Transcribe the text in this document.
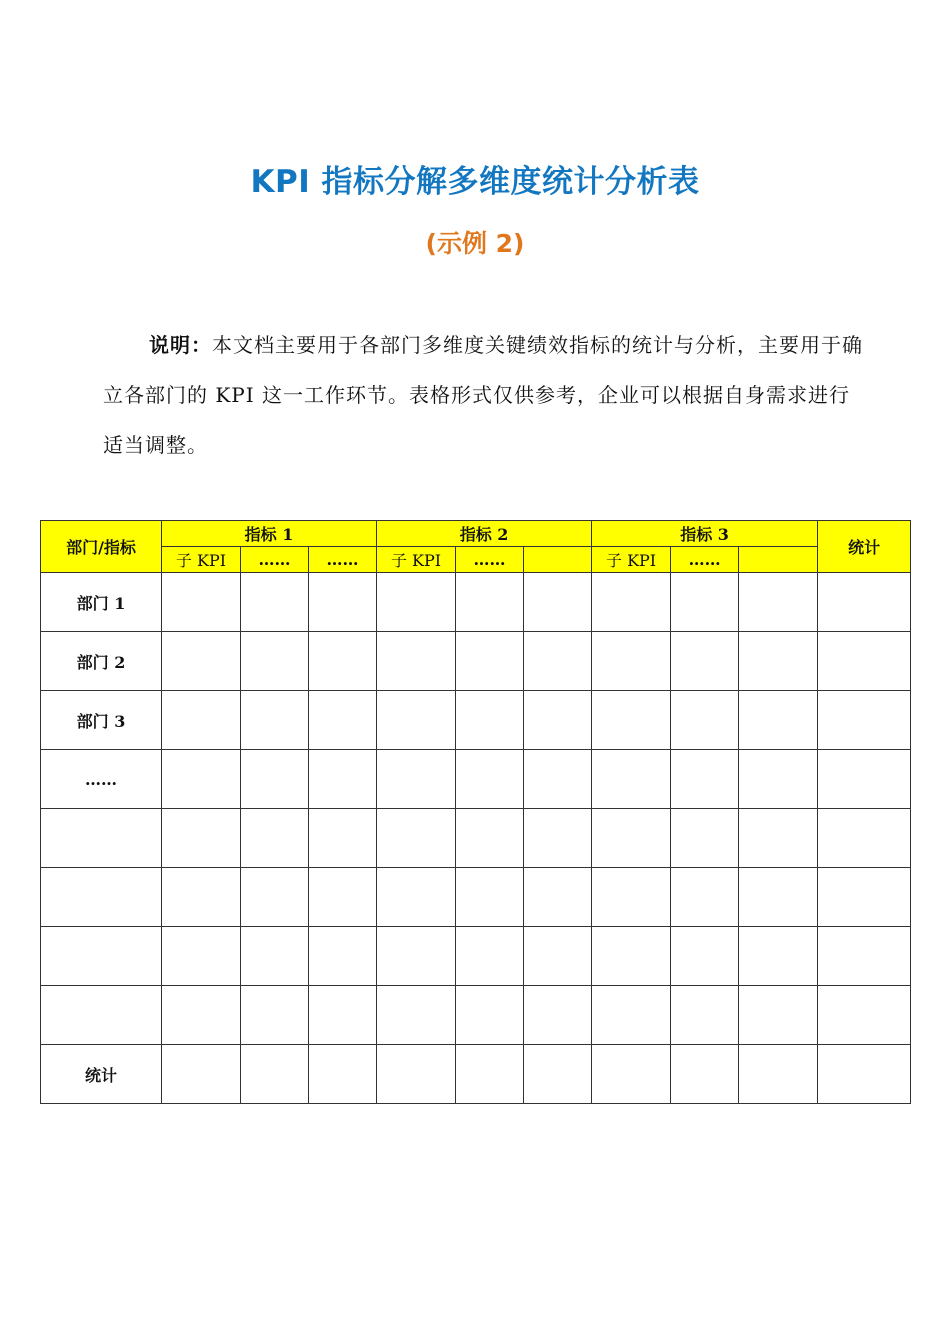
KPI 指标分解多维度统计分析表
(示例 2)

说明：本文档主要用于各部门多维度关键绩效指标的统计与分析，主要用于确立各部门的 KPI 这一工作环节。表格形式仅供参考，企业可以根据自身需求进行适当调整。

部门/指标	指标 1			指标 2			指标 3			统计
	子 KPI	……	……	子 KPI	……		子 KPI	……		
部门 1										
部门 2										
部门 3										
……										

统计										
